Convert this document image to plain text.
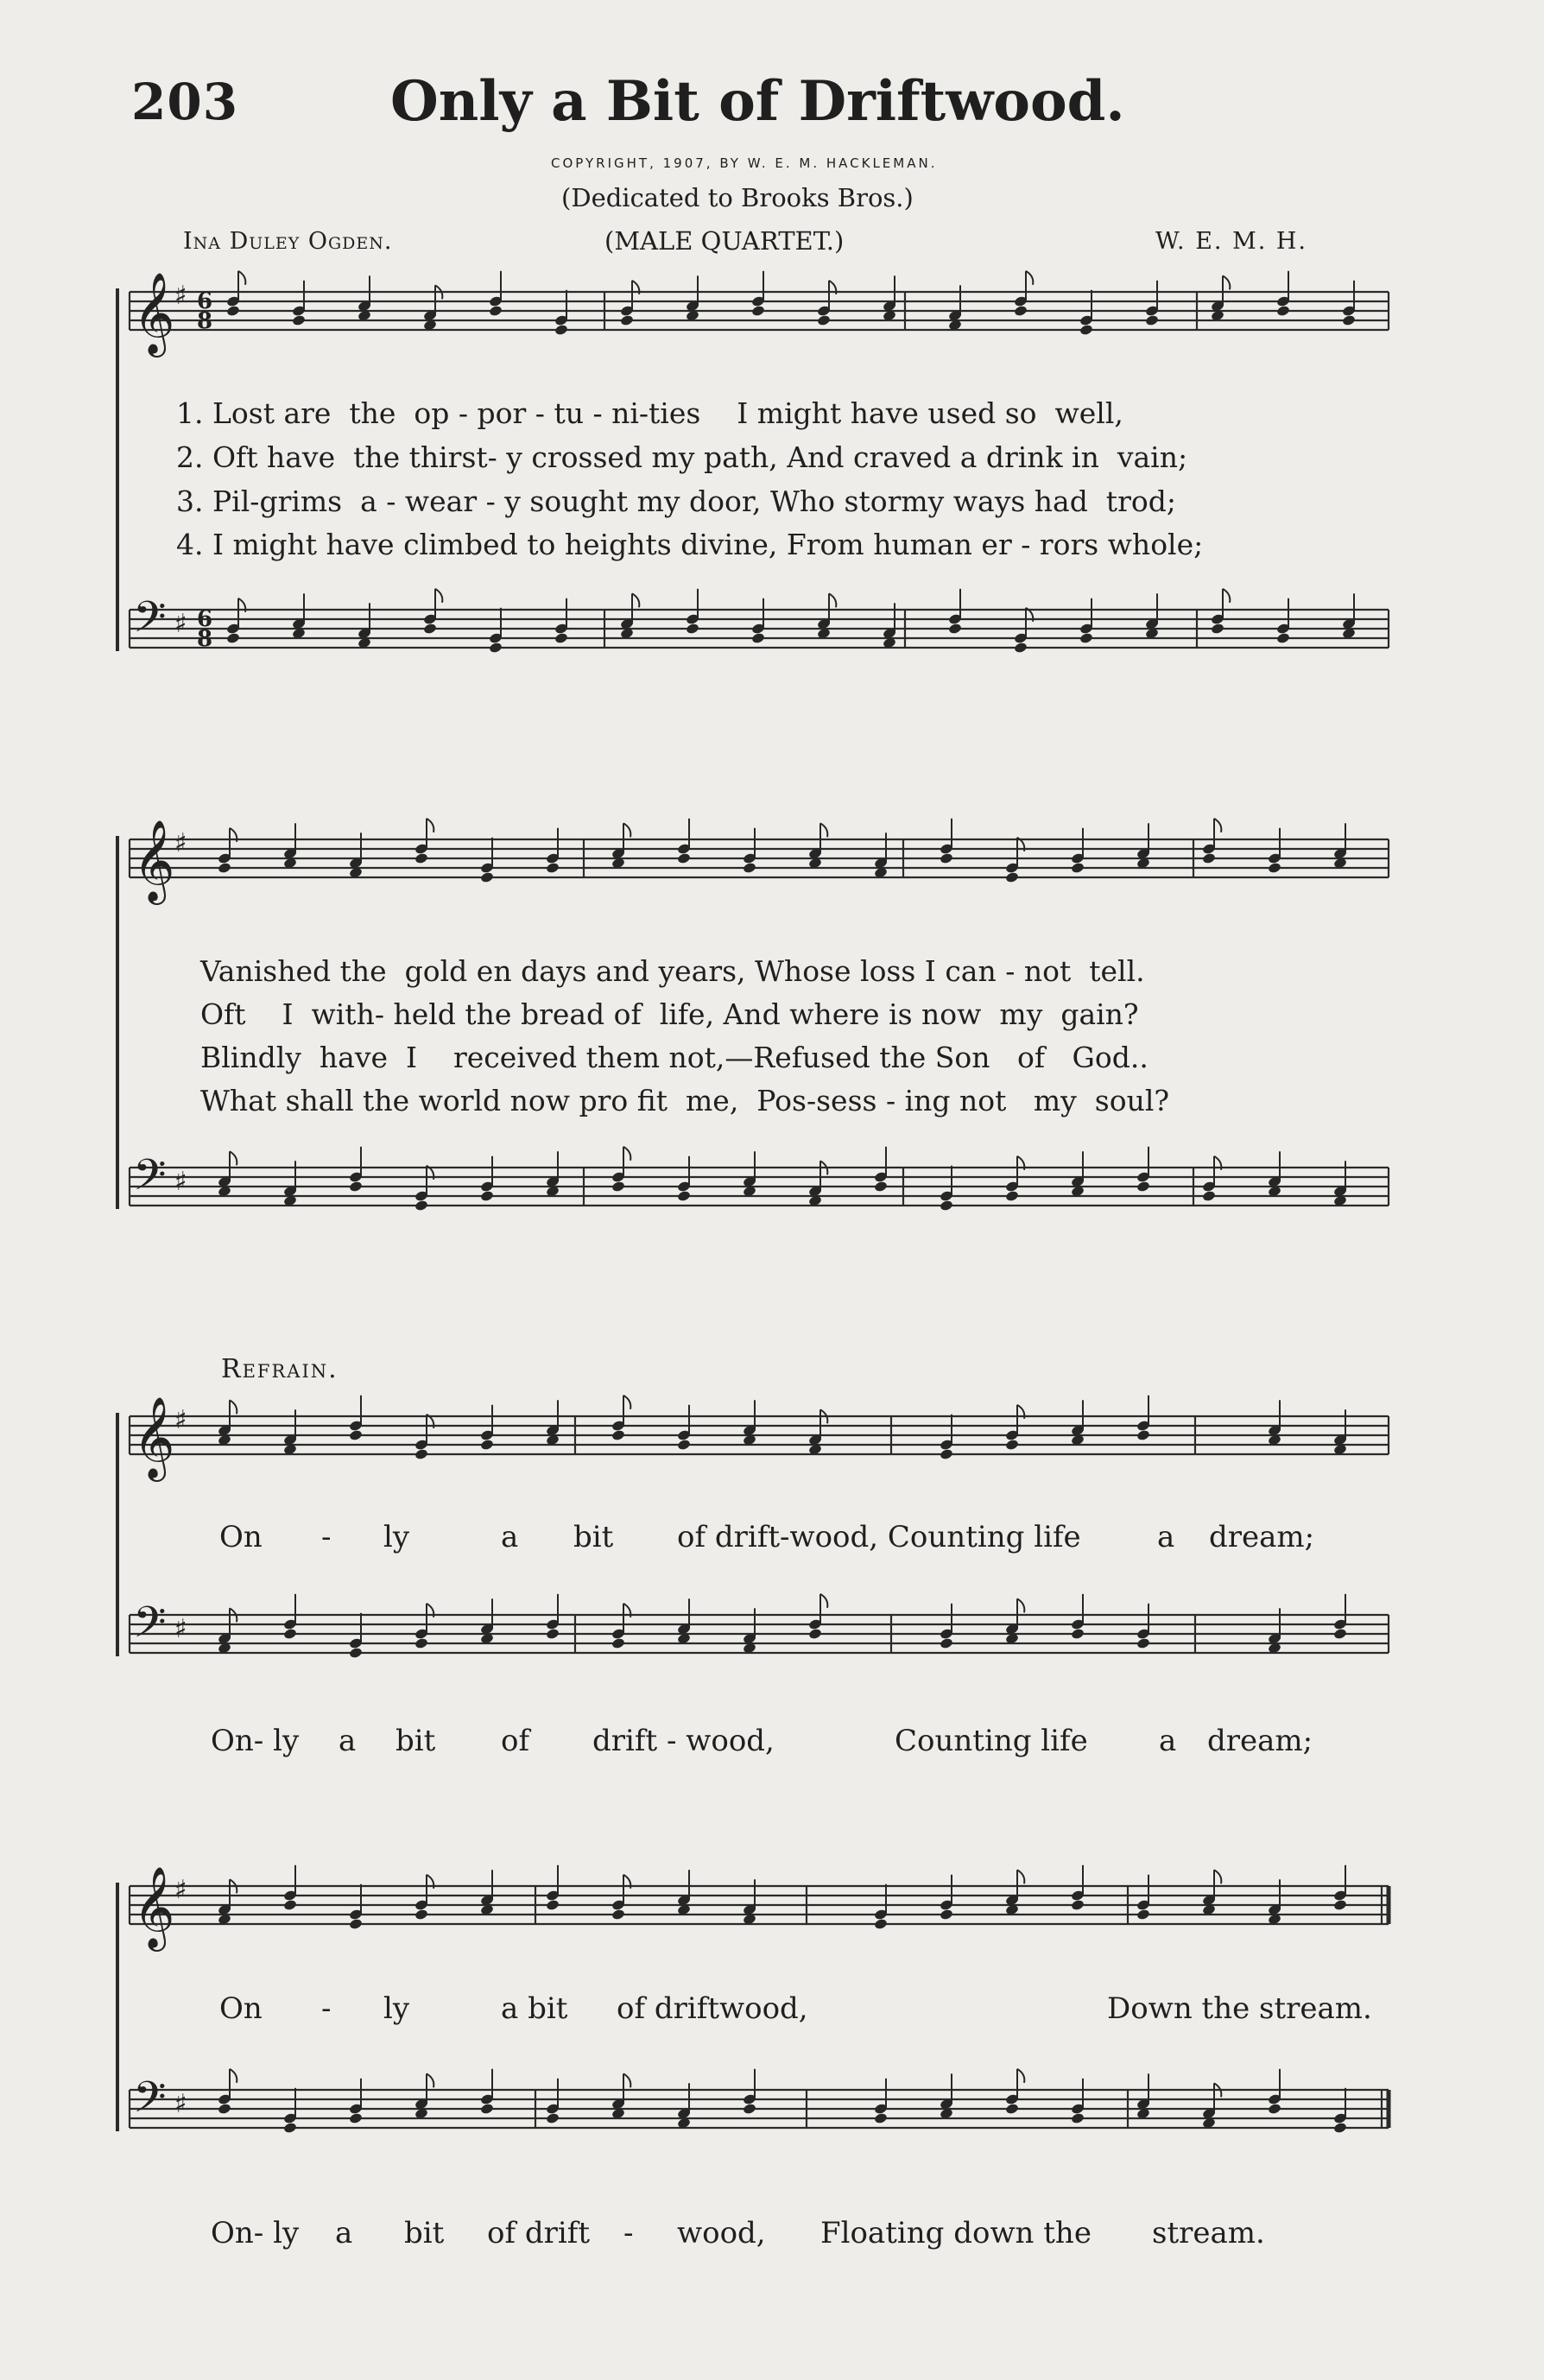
203	Only a Bit of Driftwood.
COPYRIGHT, 1907, BY W. E. M. HACKLEMAN.
(Dedicated to Brooks Bros.)
Ina Duley Ogden.	(MALE QUARTET.)	W. E. M. H.
𝄞 ♯ 6
8
𝄢 ♯ 6
8
𝄞 ♯
𝄢 ♯
𝄞 ♯
𝄢 ♯
𝄞 ♯
𝄢 ♯
1. Lost are  the  op - por - tu - ni-ties    I might have used so  well,
2. Oft have  the thirst- y crossed my path, And craved a drink in  vain;
3. Pil-grims  a - wear - y sought my door, Who stormy ways had  trod;
4. I might have climbed to heights divine, From human er - rors whole;
Vanished the  gold en days and years, Whose loss I can - not  tell.
Oft    I  with- held the bread of  life, And where is now  my  gain?
Blindly  have  I    received them not,—Refused the Son   of   God..
What shall the world now pro fit  me,  Pos-sess - ing not   my  soul?
Refrain.
On - ly	a bit of drift-wood, Counting life	a dream;
On- ly a bit of drift - wood,	Counting life a dream;
On - ly	a bit of driftwood,	Down the stream.
On- ly a bit of drift - wood, Floating down the stream.
